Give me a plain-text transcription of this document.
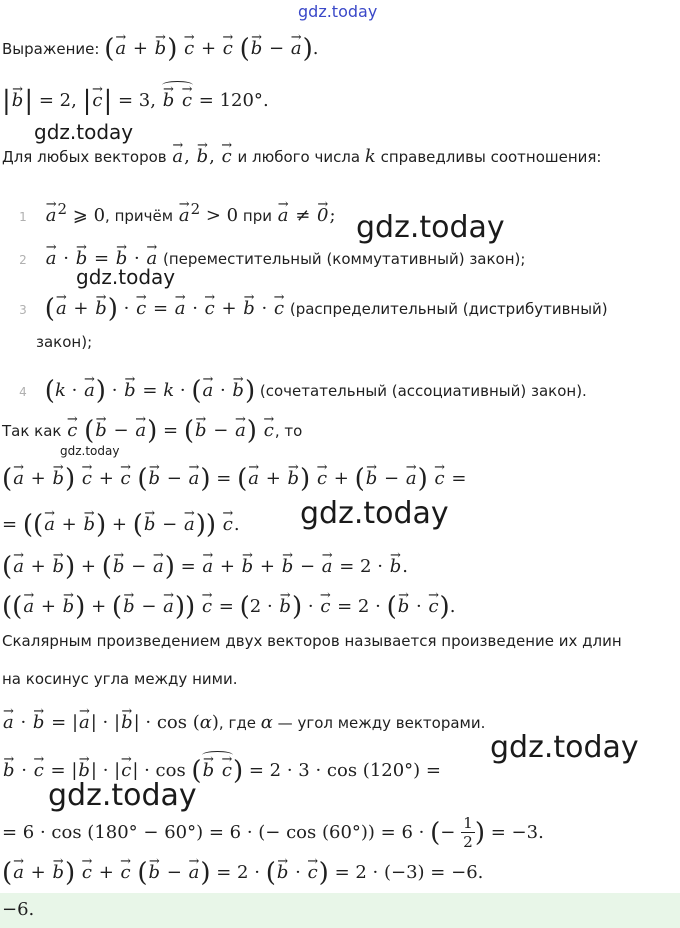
gdz.today
Выражение: (→ a + → b) → c + → c (→ b − → a).
|→ b| = 2, |→ c| = 3, → b → c = 120°.
gdz.today
Для любых векторов → a, → b, → c и любого числа k справедливы соотношения:
$1 \to a^2$ ⩾ 0, причём → $a^2 > 0$ при → a ≠ → 0; gdz.today
2 → a · → b = → b · → a (переместительный (коммутативный) закон);
gdz.today
3 (→ a + → b) · → c = → a · → c + → b · → c (распределительный (дистрибутивный)
закон);
4 (k · → a) · → b = k · (→ a · → b) (сочетательный (ассоциативный) закон).
Так как → c (→ b − → a) = (→ b − → a) → c, то
gdz.today
(→ a + → b) → c + → c (→ b − → a) = (→ a + → b) → c + (→ b − → a) → c =
= ((→ a + → b) + (→ b − → a)) → c. gdz.today
(→ a + → b) + (→ b − → a) = → a + → b + → b − → a = 2 · → b.
((→ a + → b) + (→ b − → a)) → c = (2 · → b) · → c = 2 · (→ b · → c).
Скалярным произведением двух векторов называется произведение их длин
на косинус угла между ними.
→ a · → b = |→ a| · |→ b| · cos (α), где α — угол между векторами.
→ b · → c = |→ b| · |→ c| · cos (→ b → c) = 2 · 3 · cos (120°) =
gdz.today
gdz.today
= 6 · cos (180° − 60°) = 6 · (− cos (60°)) = 6 · (− $\frac{1}{2}$ ) = −3.
(→ a + → b) → c + → c (→ b − → a) = 2 · (→ b · → c) = 2 · (−3) = −6.
−6.
